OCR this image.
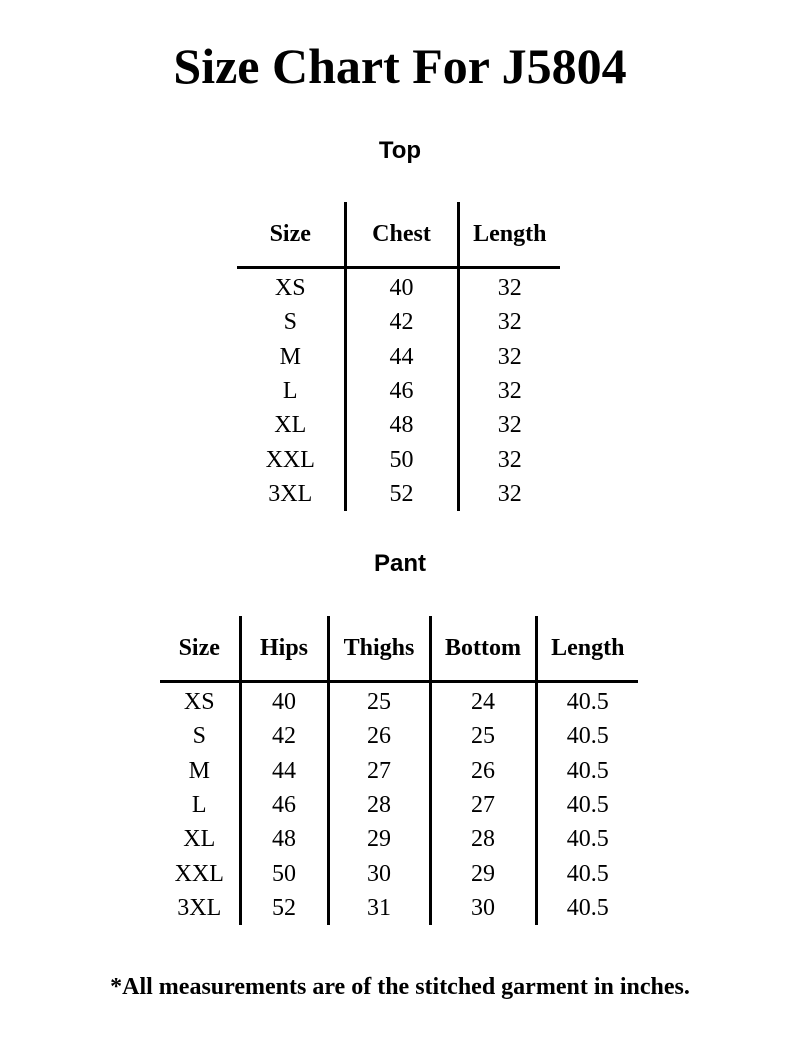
Size Chart For J5804
Top
Size	Chest	Length
XS	40	32
S	42	32
M	44	32
L	46	32
XL	48	32
XXL	50	32
3XL	52	32
Pant
Size	Hips	Thighs	Bottom	Length
XS	40	25	24	40.5
S	42	26	25	40.5
M	44	27	26	40.5
L	46	28	27	40.5
XL	48	29	28	40.5
XXL	50	30	29	40.5
3XL	52	31	30	40.5

*All measurements are of the stitched garment in inches.
